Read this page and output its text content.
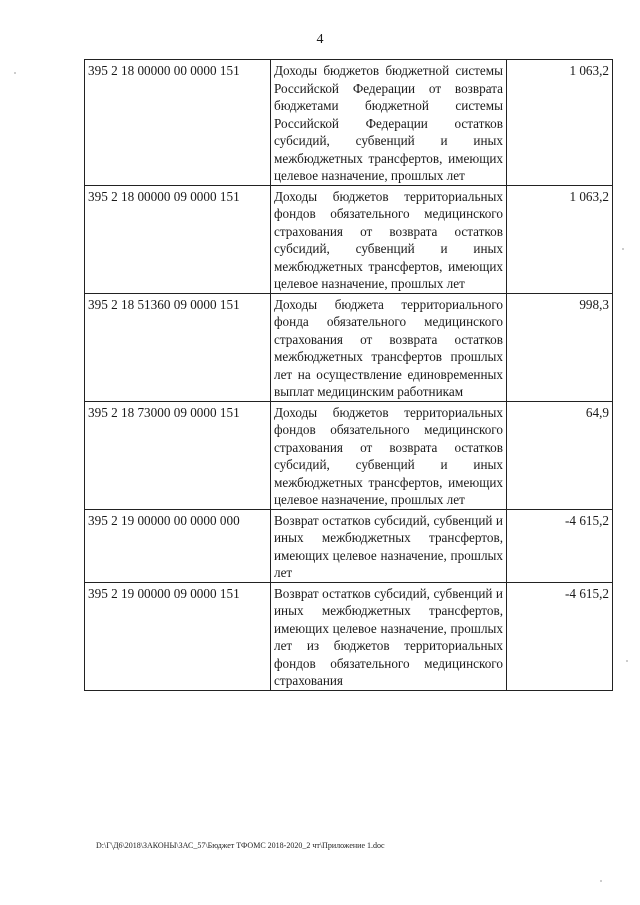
4
395 2 18 00000 00 0000 151	Доходы бюджетов бюджетной системы Российской Федерации от возврата бюджетами бюджетной системы Российской Федерации остатков субсидий, субвенций и иных межбюджетных трансфертов, имеющих целевое назначение, прошлых лет	1 063,2
395 2 18 00000 09 0000 151	Доходы бюджетов территориальных фондов обязательного медицинского страхования от возврата остатков субсидий, субвенций и иных межбюджетных трансфертов, имеющих целевое назначение, прошлых лет	1 063,2
395 2 18 51360 09 0000 151	Доходы бюджета территориального фонда обязательного медицинского страхования от возврата остатков межбюджетных трансфертов прошлых лет на осуществление единовременных выплат медицинским работникам	998,3
395 2 18 73000 09 0000 151	Доходы бюджетов территориальных фондов обязательного медицинского страхования от возврата остатков субсидий, субвенций и иных межбюджетных трансфертов, имеющих целевое назначение, прошлых лет	64,9
395 2 19 00000 00 0000 000	Возврат остатков субсидий, субвенций и иных межбюджетных трансфертов, имеющих целевое назначение, прошлых лет	-4 615,2
395 2 19 00000 09 0000 151	Возврат остатков субсидий, субвенций и иных межбюджетных трансфертов, имеющих целевое назначение, прошлых лет из бюджетов территориальных фондов обязательного медицинского страхования	-4 615,2
D:\Г\Д6\2018\ЗАКОНЫ\ЗАС_57\Бюджет ТФОМС 2018-2020_2 чт\Приложение 1.doc
